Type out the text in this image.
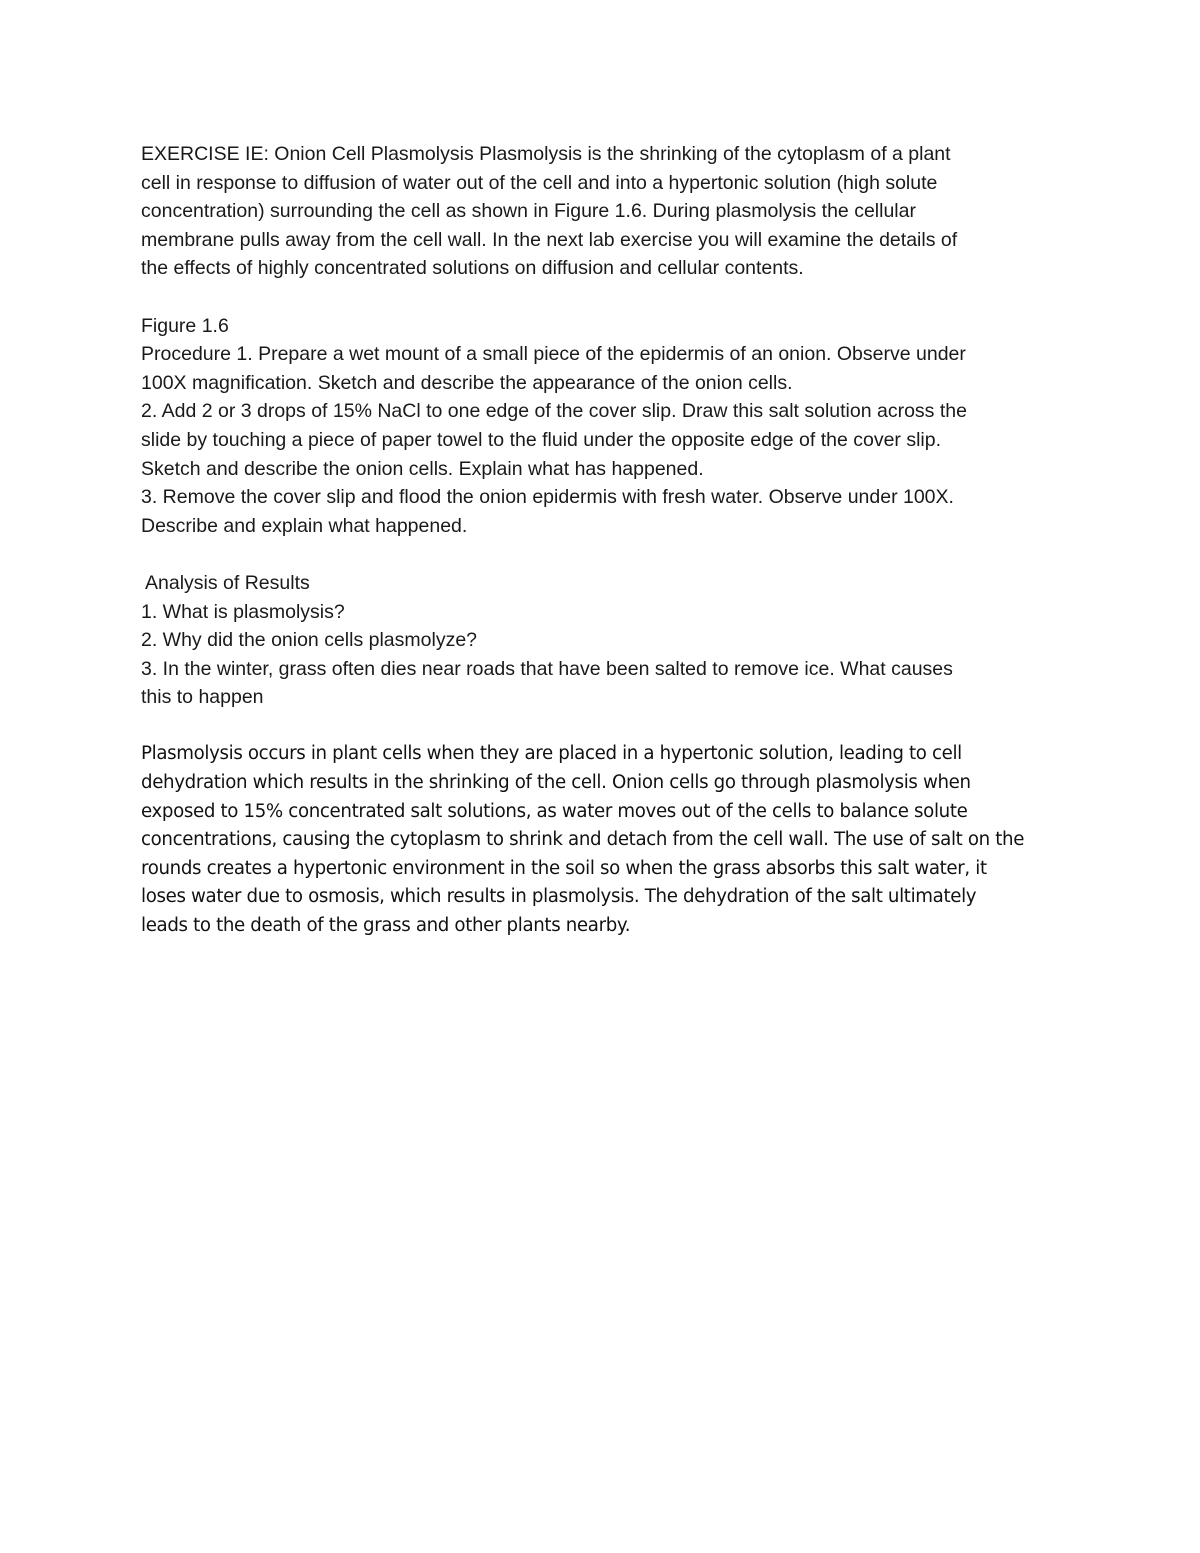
EXERCISE IE: Onion Cell Plasmolysis Plasmolysis is the shrinking of the cytoplasm of a plant
cell in response to diffusion of water out of the cell and into a hypertonic solution (high solute
concentration) surrounding the cell as shown in Figure 1.6. During plasmolysis the cellular
membrane pulls away from the cell wall. In the next lab exercise you will examine the details of
the effects of highly concentrated solutions on diffusion and cellular contents.
Figure 1.6
Procedure 1. Prepare a wet mount of a small piece of the epidermis of an onion. Observe under
100X magnification. Sketch and describe the appearance of the onion cells.
2. Add 2 or 3 drops of 15% NaCl to one edge of the cover slip. Draw this salt solution across the
slide by touching a piece of paper towel to the fluid under the opposite edge of the cover slip.
Sketch and describe the onion cells. Explain what has happened.
3. Remove the cover slip and flood the onion epidermis with fresh water. Observe under 100X.
Describe and explain what happened.
Analysis of Results
1. What is plasmolysis?
2. Why did the onion cells plasmolyze?
3. In the winter, grass often dies near roads that have been salted to remove ice. What causes
this to happen
Plasmolysis occurs in plant cells when they are placed in a hypertonic solution, leading to cell
dehydration which results in the shrinking of the cell. Onion cells go through plasmolysis when
exposed to 15% concentrated salt solutions, as water moves out of the cells to balance solute
concentrations, causing the cytoplasm to shrink and detach from the cell wall. The use of salt on the
rounds creates a hypertonic environment in the soil so when the grass absorbs this salt water, it
loses water due to osmosis, which results in plasmolysis. The dehydration of the salt ultimately
leads to the death of the grass and other plants nearby.
